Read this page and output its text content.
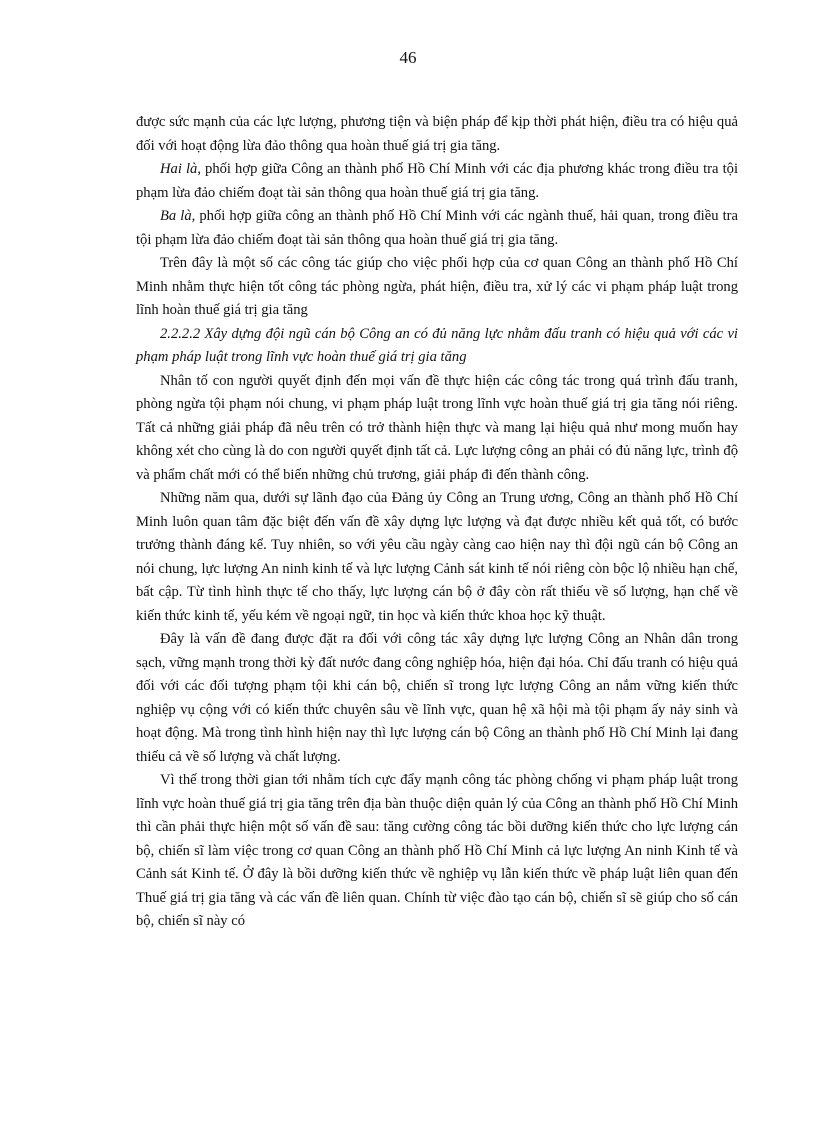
46

được sức mạnh của các lực lượng, phương tiện và biện pháp để kịp thời phát hiện, điều tra có hiệu quả đối với hoạt động lừa đảo thông qua hoàn thuế giá trị gia tăng.

Hai là, phối hợp giữa Công an thành phố Hồ Chí Minh với các địa phương khác trong điều tra tội phạm lừa đảo chiếm đoạt tài sản thông qua hoàn thuế giá trị gia tăng.

Ba là, phối hợp giữa công an thành phố Hồ Chí Minh với các ngành thuế, hải quan, trong điều tra tội phạm lừa đảo chiếm đoạt tài sản thông qua hoàn thuế giá trị gia tăng.

Trên đây là một số các công tác giúp cho việc phối hợp của cơ quan Công an thành phố Hồ Chí Minh nhằm thực hiện tốt công tác phòng ngừa, phát hiện, điều tra, xử lý các vi phạm pháp luật trong lĩnh hoàn thuế giá trị gia tăng

2.2.2.2 Xây dựng đội ngũ cán bộ Công an có đủ năng lực nhằm đấu tranh có hiệu quả với các vi phạm pháp luật trong lĩnh vực hoàn thuế giá trị gia tăng

Nhân tố con người quyết định đến mọi vấn đề thực hiện các công tác trong quá trình đấu tranh, phòng ngừa tội phạm nói chung, vi phạm pháp luật trong lĩnh vực hoàn thuế giá trị gia tăng nói riêng. Tất cả những giải pháp đã nêu trên có trở thành hiện thực và mang lại hiệu quả như mong muốn hay không xét cho cùng là do con người quyết định tất cả. Lực lượng công an phải có đủ năng lực, trình độ và phẩm chất mới có thể biến những chủ trương, giải pháp đi đến thành công.

Những năm qua, dưới sự lãnh đạo của Đảng ủy Công an Trung ương, Công an thành phố Hồ Chí Minh luôn quan tâm đặc biệt đến vấn đề xây dựng lực lượng và đạt được nhiều kết quả tốt, có bước trưởng thành đáng kể. Tuy nhiên, so với yêu cầu ngày càng cao hiện nay thì đội ngũ cán bộ Công an nói chung, lực lượng An ninh kinh tế và lực lượng Cảnh sát kinh tế nói riêng còn bộc lộ nhiều hạn chế, bất cập. Từ tình hình thực tế cho thấy, lực lượng cán bộ ở đây còn rất thiếu về số lượng, hạn chế về kiến thức kinh tế, yếu kém về ngoại ngữ, tin học và kiến thức khoa học kỹ thuật.

Đây là vấn đề đang được đặt ra đối với công tác xây dựng lực lượng Công an Nhân dân trong sạch, vững mạnh trong thời kỳ đất nước đang công nghiệp hóa, hiện đại hóa. Chỉ đấu tranh có hiệu quả đối với các đối tượng phạm tội khi cán bộ, chiến sĩ trong lực lượng Công an nắm vững kiến thức nghiệp vụ cộng với có kiến thức chuyên sâu về lĩnh vực, quan hệ xã hội mà tội phạm ấy nảy sinh và hoạt động. Mà trong tình hình hiện nay thì lực lượng cán bộ Công an thành phố Hồ Chí Minh lại đang thiếu cả về số lượng và chất lượng.

Vì thế trong thời gian tới nhằm tích cực đẩy mạnh công tác phòng chống vi phạm pháp luật trong lĩnh vực hoàn thuế giá trị gia tăng trên địa bàn thuộc diện quản lý của Công an thành phố Hồ Chí Minh thì cần phải thực hiện một số vấn đề sau: tăng cường công tác bồi dưỡng kiến thức cho lực lượng cán bộ, chiến sĩ làm việc trong cơ quan Công an thành phố Hồ Chí Minh cả lực lượng An ninh Kinh tế và Cảnh sát Kinh tế. Ở đây là bồi dưỡng kiến thức về nghiệp vụ lẫn kiến thức về pháp luật liên quan đến Thuế giá trị gia tăng và các vấn đề liên quan. Chính từ việc đào tạo cán bộ, chiến sĩ sẽ giúp cho số cán bộ, chiến sĩ này có
